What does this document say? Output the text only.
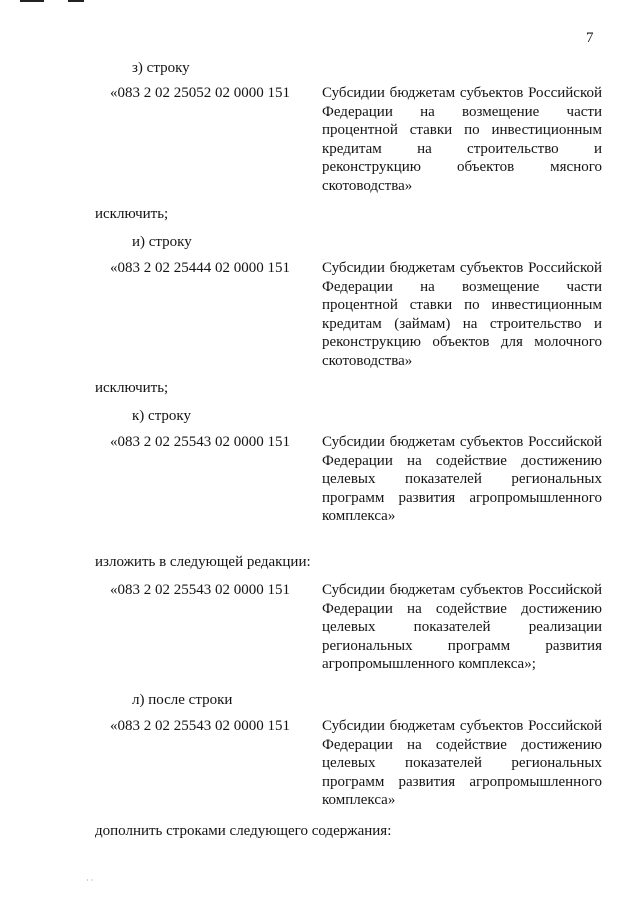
7
з) строку
«083 2 02 25052 02 0000 151 Субсидии бюджетам субъектов Российской Федерации на возмещение части процентной ставки по инвестиционным кредитам на строительство и реконструкцию объектов мясного скотоводства»
исключить;
и) строку
«083 2 02 25444 02 0000 151 Субсидии бюджетам субъектов Российской Федерации на возмещение части процентной ставки по инвестиционным кредитам (займам) на строительство и реконструкцию объектов для молочного скотоводства»
исключить;
к) строку
«083 2 02 25543 02 0000 151 Субсидии бюджетам субъектов Российской Федерации на содействие достижению целевых показателей региональных программ развития агропромышленного комплекса»
изложить в следующей редакции:
«083 2 02 25543 02 0000 151 Субсидии бюджетам субъектов Российской Федерации на содействие достижению целевых показателей реализации региональных программ развития агропромышленного комплекса»;
л) после строки
«083 2 02 25543 02 0000 151 Субсидии бюджетам субъектов Российской Федерации на содействие достижению целевых показателей региональных программ развития агропромышленного комплекса»
дополнить строками следующего содержания:
· ·
